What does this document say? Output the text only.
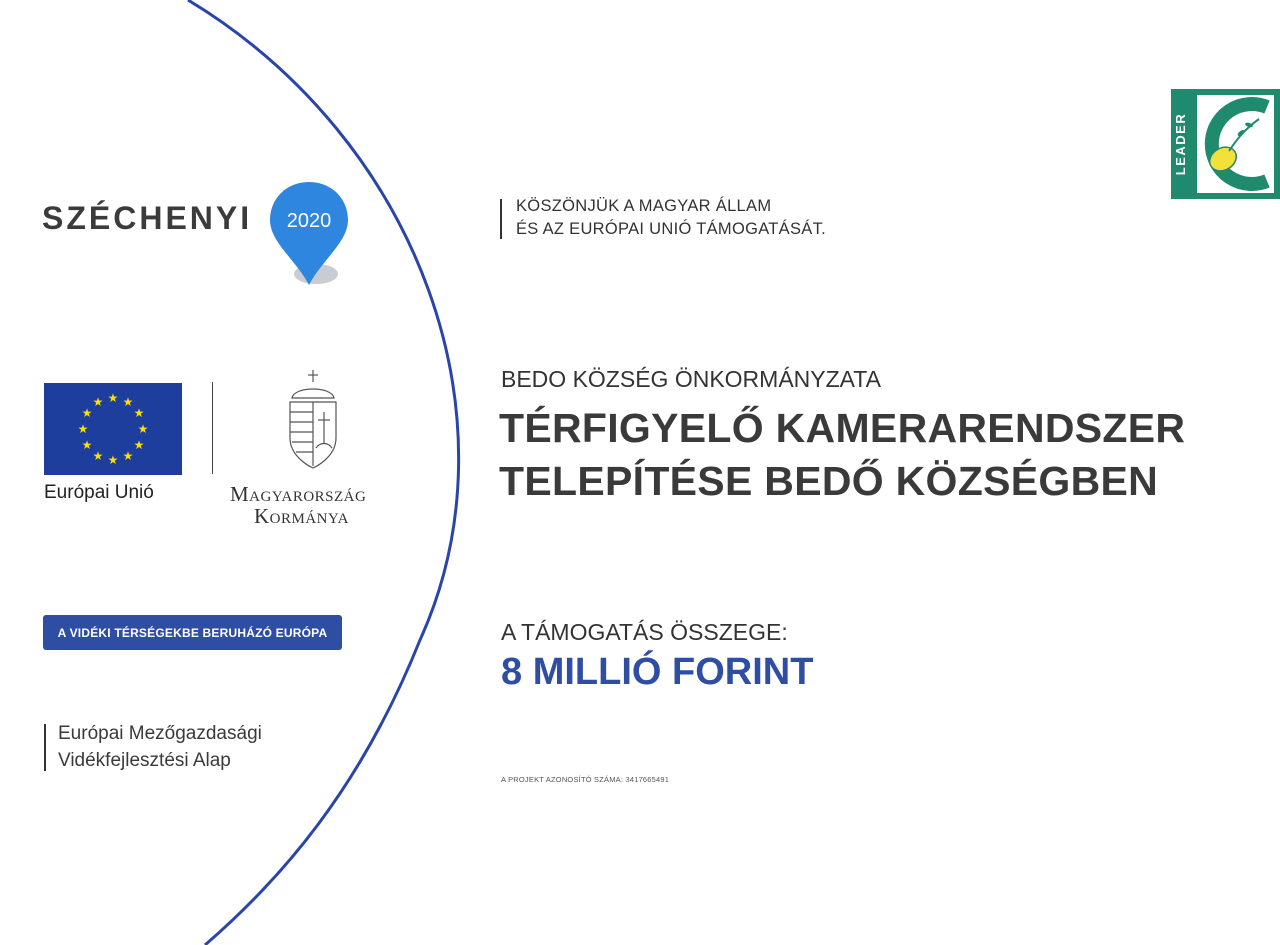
SZÉCHENYI 2020
★ ★
★
★
★
★
★
★
★
★
★
★
Európai Unió	Magyarország
Kormánya
A VIDÉKI TÉRSÉGEKBE BERUHÁZÓ EURÓPA
Európai Mezőgazdasági
Vidékfejlesztési Alap
KÖSZÖNJÜK A MAGYAR ÁLLAM
ÉS AZ EURÓPAI UNIÓ TÁMOGATÁSÁT.
BEDO KÖZSÉG ÖNKORMÁNYZATA
TÉRFIGYELŐ KAMERARENDSZER
TELEPÍTÉSE BEDŐ KÖZSÉGBEN
A TÁMOGATÁS ÖSSZEGE:
8 MILLIÓ FORINT
A PROJEKT AZONOSÍTÓ SZÁMA: 3417665491
LEADER
